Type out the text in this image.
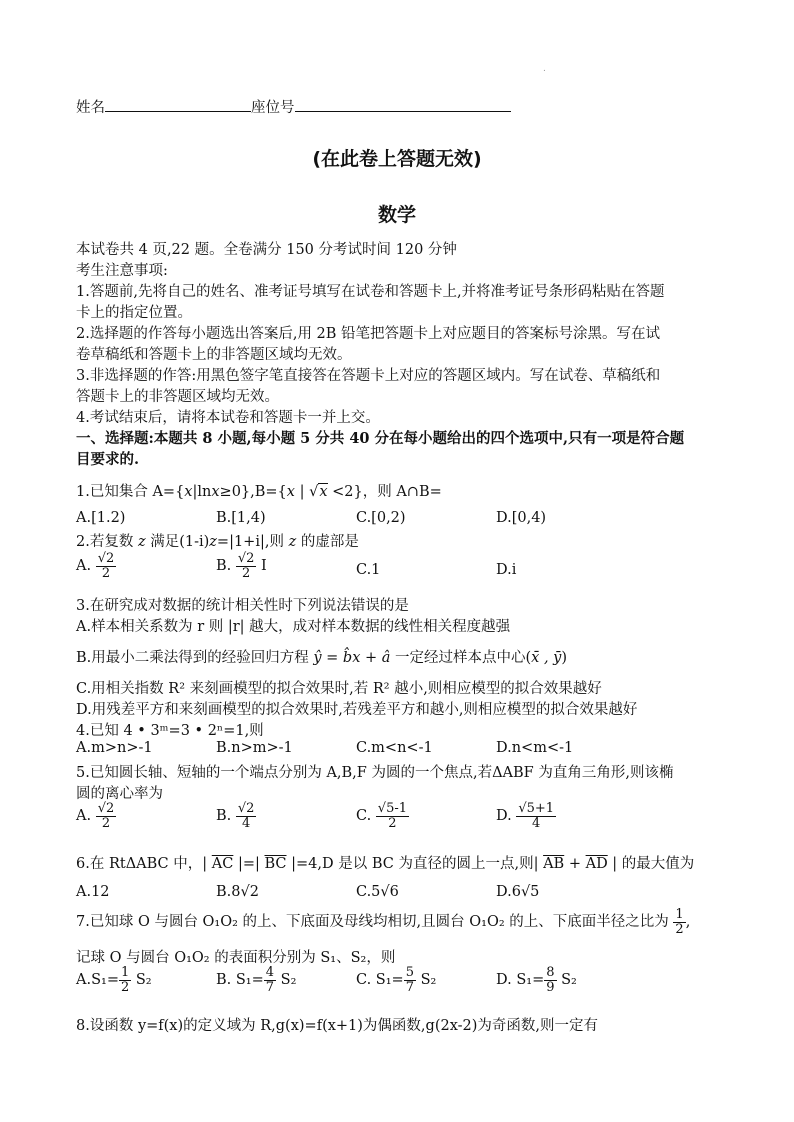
.
姓名	座位号
(在此卷上答题无效)
数学
本试卷共 4 页,22 题。全卷满分 150 分考试时间 120 分钟
考生注意事项:
1.答题前,先将自己的姓名、准考证号填写在试卷和答题卡上,并将准考证号条形码粘贴在答题
卡上的指定位置。
2.选择题的作答每小题选出答案后,用 2B 铅笔把答题卡上对应题目的答案标号涂黑。写在试
卷草稿纸和答题卡上的非答题区域均无效。
3.非选择题的作答:用黑色签字笔直接答在答题卡上对应的答题区域内。写在试卷、草稿纸和
答题卡上的非答题区域均无效。
4.考试结束后，请将本试卷和答题卡一并上交。
一、选择题:本题共 8 小题,每小题 5 分共 40 分在每小题给出的四个选项中,只有一项是符合题
目要求的.
1.已知集合 A={x|lnx≥0},B={x | √x <2}，则 A∩B=
A.[1.2)	B.[1,4)	C.[0,2)	D.[0,4)
2.若复数 z 满足(1-i)z=|1+i|,则 z 的虚部是
A. $\frac{√2}{2}$	B. $\frac{√2}{2}$ I	C.1	D.i
3.在研究成对数据的统计相关性时下列说法错误的是
A.样本相关系数为 r 则 |r| 越大，成对样本数据的线性相关程度越强
B.用最小二乘法得到的经验回归方程 ŷ = b̂x + â 一定经过样本点中心(x̄ , ȳ)
C.用相关指数 R² 来刻画模型的拟合效果时,若 R² 越小,则相应模型的拟合效果越好
D.用残差平方和来刻画模型的拟合效果时,若残差平方和越小,则相应模型的拟合效果越好
4.已知 4 • 3ᵐ=3 • 2ⁿ=1,则
A.m>n>-1	B.n>m>-1	C.m<n<-1	D.n<m<-1
5.已知圆长轴、短轴的一个端点分别为 A,B,F 为圆的一个焦点,若ΔABF 为直角三角形,则该椭
圆的离心率为
A. $\frac{√2}{2}$	B. $\frac{√2}{4}$	C. $\frac{√5-1}{2}$	D. $\frac{√5+1}{4}$
6.在 RtΔABC 中，| $\overline{AC}$ |=| $\overline{BC}$ |=4,D 是以 BC 为直径的圆上一点,则| $\overline{AB} + \overline{AD}$ | 的最大值为
A.12	B.8√2	C.5√6	D.6√5
7.已知球 O 与圆台 O₁O₂ 的上、下底面及母线均相切,且圆台 O₁O₂ 的上、下底面半径之比为 $\frac{1}{2}$ ,
记球 O 与圆台 O₁O₂ 的表面积分别为 S₁、S₂，则
$A.S_1= \frac{1}{2} S_2$	B. $S_1= \frac{4}{7} S_2$	C. $S_1= \frac{5}{7} S_2$	D. $S_1= \frac{8}{9} S_2$
8.设函数 y=f(x)的定义域为 R,g(x)=f(x+1)为偶函数,g(2x-2)为奇函数,则一定有
